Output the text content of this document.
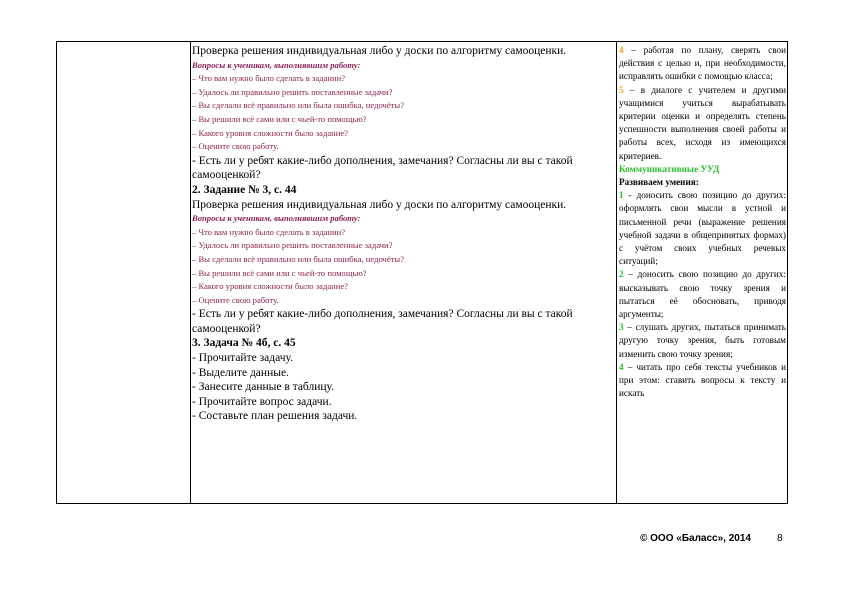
Проверка решения индивидуальная либо у доски по алгоритму самооценки.
Вопросы к ученикам, выполнявшим работу:
– Что вам нужно было сделать в задании?
– Удалось ли правильно решить поставленные задачи?
– Вы сделали всё правильно или была ошибка, недочёты?
– Вы решили всё сами или с чьей-то помощью?
– Какого уровня сложности было задание?
– Оцените свою работу.
- Есть ли у ребят какие-либо дополнения, замечания? Согласны ли вы с такой самооценкой?
2. Задание № 3, с. 44
Проверка решения индивидуальная либо у доски по алгоритму самооценки.
Вопросы к ученикам, выполнявшим работу:
– Что вам нужно было сделать в задании?
– Удалось ли правильно решить поставленные задачи?
– Вы сделали всё правильно или была ошибка, недочёты?
– Вы решили всё сами или с чьей-то помощью?
– Какого уровня сложности было задание?
– Оцените свою работу.
- Есть ли у ребят какие-либо дополнения, замечания? Согласны ли вы с такой самооценкой?
3. Задача № 4б, с. 45
- Прочитайте задачу.
- Выделите данные.
- Занесите данные в таблицу.
- Прочитайте вопрос задачи.
- Составьте план решения задачи.
4 – работая по плану, сверять свои действия с целью и, при необходимости, исправлять ошибки с помощью класса;
5 – в диалоге с учителем и другими учащимися учиться вырабатывать критерии оценки и определять степень успешности выполнения своей работы и работы всех, исходя из имеющихся критериев.
Коммуникативные УУД
Развиваем умения:
1 - доносить свою позицию до других: оформлять свои мысли в устной и письменной речи (выражение решения учебной задачи в общепринятых формах) с учётом своих учебных речевых ситуаций;
2 – доносить свою позицию до других: высказывать свою точку зрения и пытаться её обосновать, приводя аргументы;
3 – слушать других, пытаться принимать другую точку зрения, быть готовым изменить свою точку зрения;
4 – читать про себя тексты учебников и при этом: ставить вопросы к тексту и искать
© ООО «Баласс», 2014	8
